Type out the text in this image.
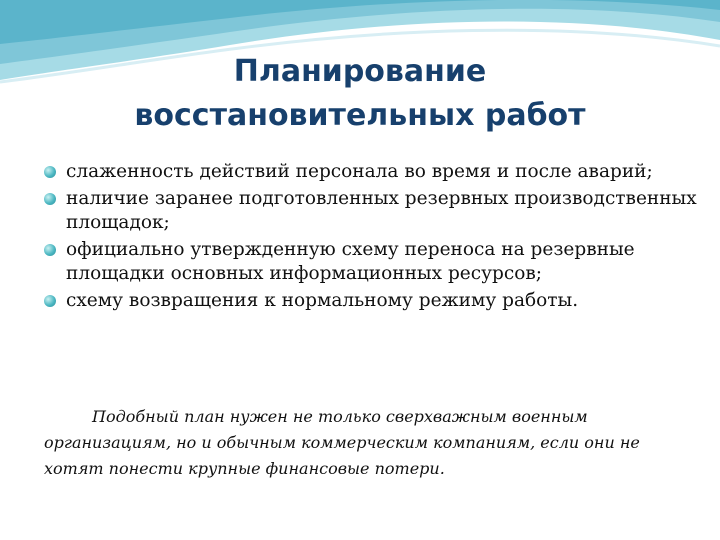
Планирование
восстановительных работ
слаженность действий персонала во время и после аварий;
наличие заранее подготовленных резервных производственных площадок;
официально утвержденную схему переноса на резервные площадки основных информационных ресурсов;
схему возвращения к нормальному режиму работы.

Подобный план нужен не только сверхважным военным организациям, но и обычным коммерческим компаниям, если они не хотят понести крупные финансовые потери.
